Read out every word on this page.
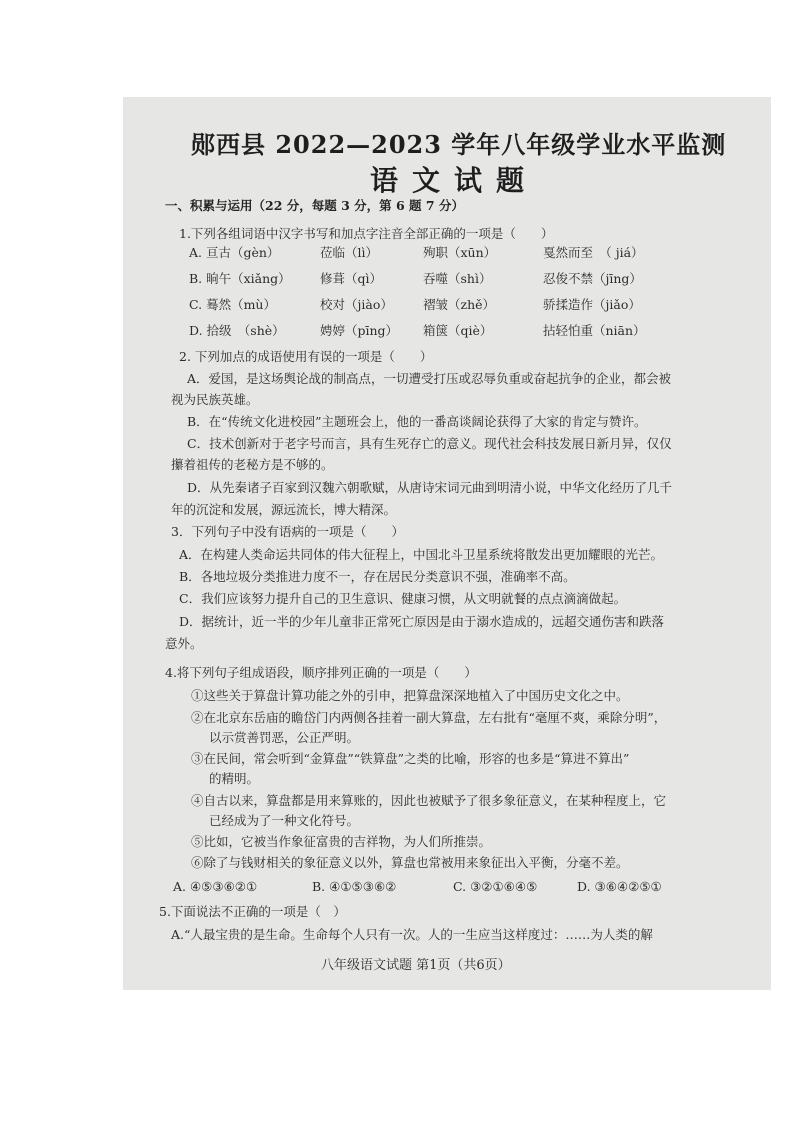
郧西县 2022—2023 学年八年级学业水平监测
语文试题
一、积累与运用（22 分，每题 3 分，第 6 题 7 分）
1.下列各组词语中汉字书写和加点字注音全部正确的一项是（　　）
A. 亘古（gèn）	莅临（lì）	殉职（xūn）	戛然而至　（ jiá）
B. 晌午（xiǎng） 修葺（qì）	吞噬（shì）	忍俊不禁（jīng）
C. 蓦然（mù）	校对（jiào） 褶皱（zhě）	骄揉造作（jiǎo）
D. 拾级　（shè）	娉婷（pīng） 箱箧（qiè）	拈轻怕重（niān）
2. 下列加点的成语使用有误的一项是（　　）
A．爱国，是这场舆论战的制高点，一切遭受打压或忍辱负重或奋起抗争的企业，都会被
视为民族英雄。
B．在“传统文化进校园”主题班会上，他的一番高谈阔论获得了大家的肯定与赞许。
C．技术创新对于老字号而言，具有生死存亡的意义。现代社会科技发展日新月异，仅仅
攥着祖传的老秘方是不够的。
D．从先秦诸子百家到汉魏六朝歌赋，从唐诗宋词元曲到明清小说，中华文化经历了几千
年的沉淀和发展，源远流长，博大精深。
3．下列句子中没有语病的一项是（　　）
A．在构建人类命运共同体的伟大征程上，中国北斗卫星系统将散发出更加耀眼的光芒。
B．各地垃圾分类推进力度不一，存在居民分类意识不强，准确率不高。
C．我们应该努力提升自己的卫生意识、健康习惯，从文明就餐的点点滴滴做起。
D．据统计，近一半的少年儿童非正常死亡原因是由于溺水造成的，远超交通伤害和跌落
意外。
4.将下列句子组成语段，顺序排列正确的一项是（　　）
①这些关于算盘计算功能之外的引申，把算盘深深地植入了中国历史文化之中。
②在北京东岳庙的瞻岱门内两侧各挂着一副大算盘，左右批有“毫厘不爽，乘除分明”，
以示赏善罚恶，公正严明。
③在民间，常会听到“金算盘”“铁算盘”之类的比喻，形容的也多是“算进不算出”
的精明。
④自古以来，算盘都是用来算账的，因此也被赋予了很多象征意义，在某种程度上，它
已经成为了一种文化符号。
⑤比如，它被当作象征富贵的吉祥物，为人们所推崇。
⑥除了与钱财相关的象征意义以外，算盘也常被用来象征出入平衡，分毫不差。
A. ④⑤③⑥②①	B. ④①⑤③⑥②	C. ③②①⑥④⑤	D. ③⑥④②⑤①
5.下面说法不正确的一项是（　）
A.“人最宝贵的是生命。生命每个人只有一次。人的一生应当这样度过：……为人类的解
八年级语文试题 第1页（共6页）
